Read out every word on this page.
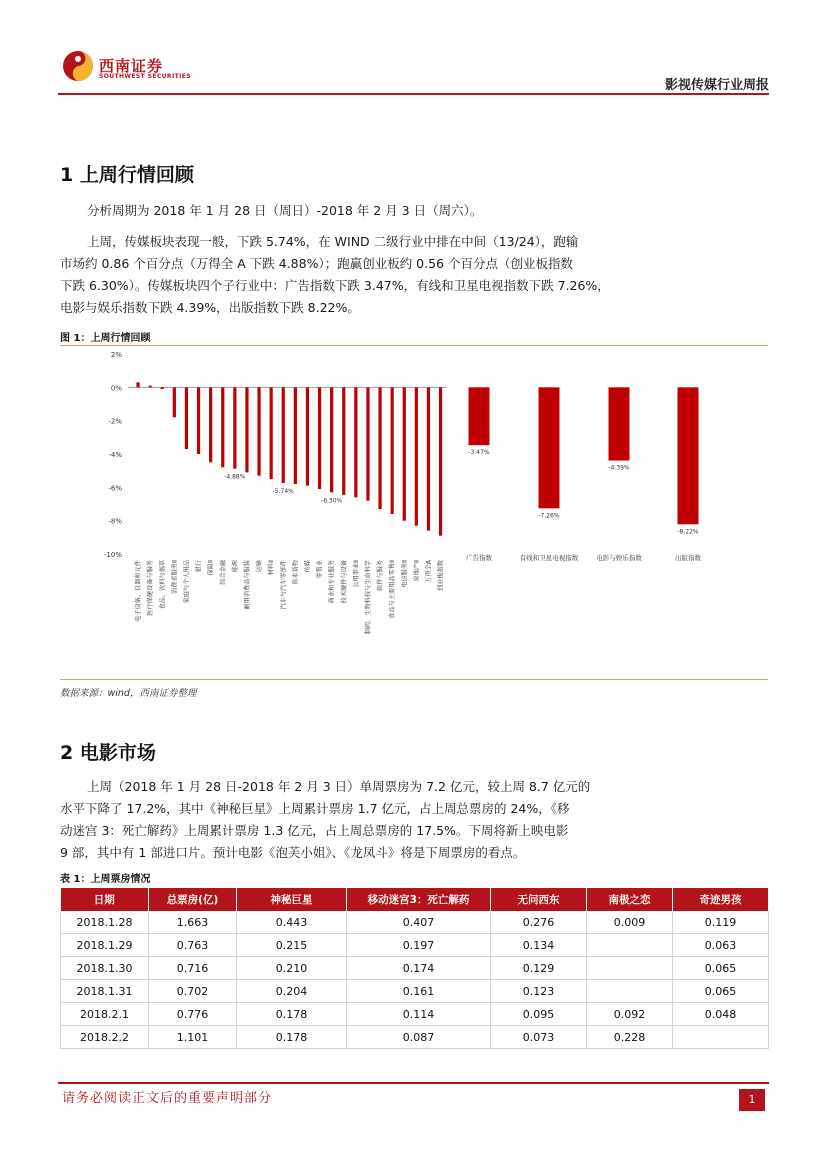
西南证券
SOUTHWEST SECURITIES
影视传媒行业周报
1 上周行情回顾
分析周期为 2018 年 1 月 28 日（周日）-2018 年 2 月 3 日（周六）。
上周，传媒板块表现一般，下跌 5.74%，在 WIND 二级行业中排在中间（13/24），跑输
市场约 0.86 个百分点（万得全 A 下跌 4.88%）；跑赢创业板约 0.56 个百分点（创业板指数
下跌 6.30%）。传媒板块四个子行业中：广告指数下跌 3.47%，有线和卫星电视指数下跌 7.26%，
电影与娱乐指数下跌 4.39%，出版指数下跌 8.22%。
图 1：上周行情回顾
2%
0%
-2%
-4%
-6%
-8%
-10%
电子设备、仪器和元件 医疗保健设备与服务 食品、饮料与烟草 消费者服务Ⅱ 家庭与个人用品 银行 保险Ⅱ 综合金融 能源 耐用消费品与服装 运输 材料Ⅱ 汽车与汽车零部件 资本货物 传媒 零售业 商业和专业服务 技术硬件与设备 公用事业Ⅱ 制药、生物科技与生命科学 软件与服务 食品与主要用品零售Ⅱ 电信服务Ⅱ 房地产Ⅱ 万得全A 创业板指数
-4.88%
-5.74%
-6.30%
-3.47%
广告指数
-7.26%
有线和卫星电视指数
-4.39%
电影与娱乐指数
-8.22%
出版指数
数据来源：wind，西南证券整理
2 电影市场
上周（2018 年 1 月 28 日-2018 年 2 月 3 日）单周票房为 7.2 亿元，较上周 8.7 亿元的
水平下降了 17.2%，其中《神秘巨星》上周累计票房 1.7 亿元，占上周总票房的 24%，《移
动迷宫 3：死亡解药》上周累计票房 1.3 亿元，占上周总票房的 17.5%。下周将新上映电影
9 部，其中有 1 部进口片。预计电影《泡芙小姐》、《龙凤斗》将是下周票房的看点。
表 1：上周票房情况
日期	总票房(亿)	神秘巨星	移动迷宫3：死亡解药	无问西东	南极之恋	奇迹男孩
2018.1.28	1.663	0.443	0.407	0.276	0.009	0.119
2018.1.29	0.763	0.215	0.197	0.134		0.063
2018.1.30	0.716	0.210	0.174	0.129		0.065
2018.1.31	0.702	0.204	0.161	0.123		0.065
2018.2.1	0.776	0.178	0.114	0.095	0.092	0.048
2018.2.2	1.101	0.178	0.087	0.073	0.228	
请务必阅读正文后的重要声明部分	1
